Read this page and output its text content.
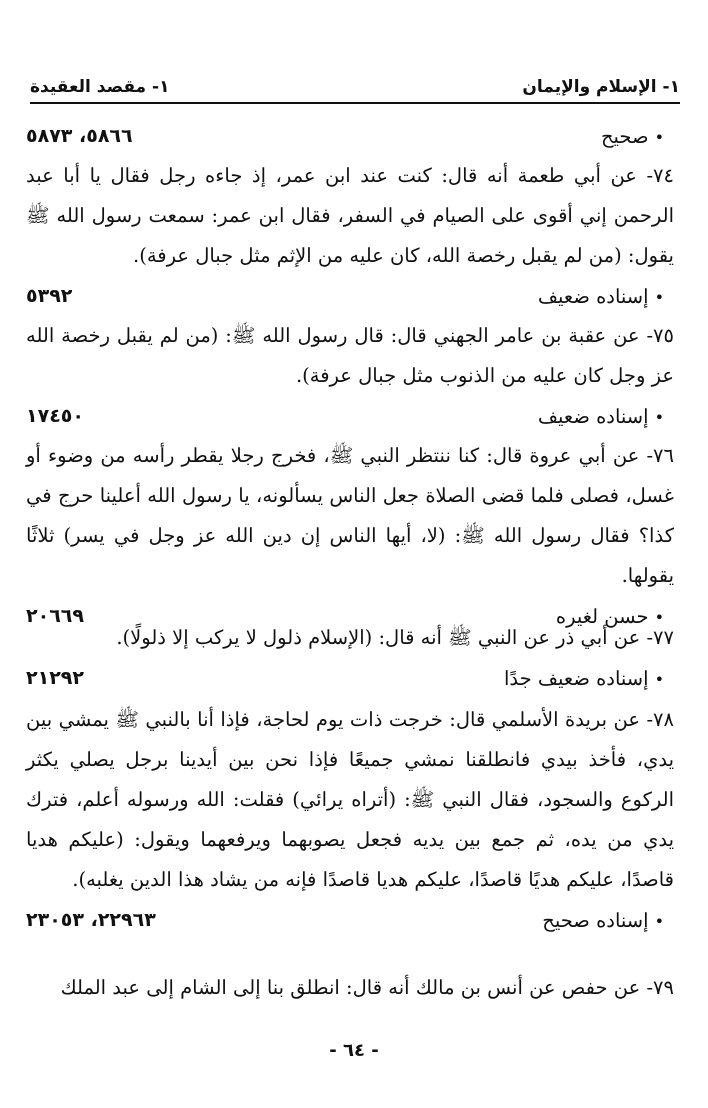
١- الإسلام والإيمان
١- مقصد العقيدة
•صحيح
٥٨٦٦، ٥٨٧٣

٧٤- عن أبي طعمة أنه قال: كنت عند ابن عمر، إذ جاءه رجل فقال يا أبا عبد الرحمن إني أقوى على الصيام في السفر، فقال ابن عمر: سمعت رسول الله ﷺ يقول: (من لم يقبل رخصة الله، كان عليه من الإثم مثل جبال عرفة).

•إسناده ضعيف
٥٣٩٢

٧٥- عن عقبة بن عامر الجهني قال: قال رسول الله ﷺ: (من لم يقبل رخصة الله عز وجل كان عليه من الذنوب مثل جبال عرفة).

•إسناده ضعيف
١٧٤٥٠

٧٦- عن أبي عروة قال: كنا ننتظر النبي ﷺ، فخرج رجلا يقطر رأسه من وضوء أو غسل، فصلى فلما قضى الصلاة جعل الناس يسألونه، يا رسول الله أعلينا حرج في كذا؟ فقال رسول الله ﷺ: (لا، أيها الناس إن دين الله عز وجل في يسر) ثلاثًا يقولها.

•حسن لغيره
٢٠٦٦٩

٧٧- عن أبي ذر عن النبي ﷺ أنه قال: (الإسلام ذلول لا يركب إلا ذلولًا).

•إسناده ضعيف جدًا
٢١٢٩٢

٧٨- عن بريدة الأسلمي قال: خرجت ذات يوم لحاجة، فإذا أنا بالنبي ﷺ يمشي بين يدي، فأخذ بيدي فانطلقنا نمشي جميعًا فإذا نحن بين أيدينا برجل يصلي يكثر الركوع والسجود، فقال النبي ﷺ: (أتراه يرائي) فقلت: الله ورسوله أعلم، فترك يدي من يده، ثم جمع بين يديه فجعل يصوبهما ويرفعهما ويقول: (عليكم هديا قاصدًا، عليكم هديًا قاصدًا، عليكم هديا قاصدًا فإنه من يشاد هذا الدين يغلبه).

•إسناده صحيح
٢٢٩٦٣، ٢٣٠٥٣

٧٩- عن حفص عن أنس بن مالك أنه قال: انطلق بنا إلى الشام إلى عبد الملك

- ٦٤ -
